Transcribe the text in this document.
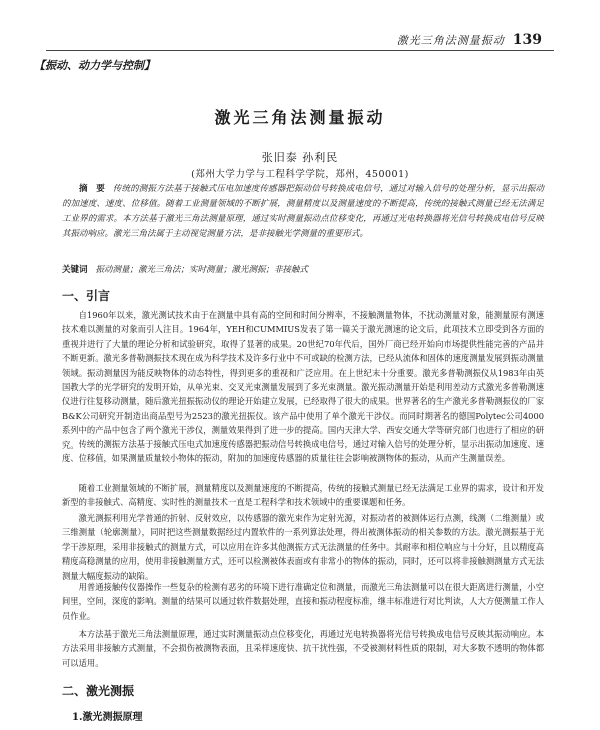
激光三角法测量振动 139
【振动、动力学与控制】
激光三角法测量振动
张旧泰 孙利民
(郑州大学力学与工程科学学院，郑州，450001)

摘　要 传统的测振方法基于接触式压电加速度传感器把振动信号转换成电信号，通过对输入信号的处理分析，显示出振动的加速度、速度、位移值。随着工业测量领域的不断扩展，测量精度以及测量速度的不断提高，传统的接触式测量已经无法满足工业界的需求。本方法基于激光三角法测量原理，通过实时测量振动点位移变化，再通过光电转换器将光信号转换成电信号反映其振动响应。激光三角法属于主动视觉测量方法，是非接触光学测量的重要形式。

关键词 振动测量；激光三角法；实时测量；激光测振；非接触式

一、引言

自1960年以来，激光测试技术由于在测量中具有高的空间和时间分辨率，不接触测量物体，不扰动测量对象，能测量原有测速技术难以测量的对象而引人注目。1964年，YEH和CUMMIUS发表了第一篇关于激光测速的论文后，此项技术立即受到各方面的重视并进行了大量的理论分析和试验研究，取得了显著的成果。20世纪70年代后，国外厂商已经开始向市场提供性能完善的产品并不断更新。激光多普勒测振技术现在成为科学技术及许多行业中不可或缺的检测方法，已经从流体和固体的速度测量发展到振动测量领域。振动测量因为能反映物体的动态特性，得到更多的重视和广泛应用。在上世纪末十分重要。激光多普勒测振仪从1983年由英国教大学的光学研究的发明开始，从单光束、交叉光束测量发展到了多光束测量。激光振动测量开始是利用差动方式激光多普勒测速仪进行往复移动测量，随后激光扭振振动仪的理论开始建立发展，已经取得了很大的成果。世界著名的生产激光多普勒测振仪的厂家B&K公司研究开制造出商品型号为2523的激光扭振仪。该产品中使用了单个激光干涉仪。而同时期著名的德国Polytec公司4000系列中的产品中包含了两个激光干涉仪，测量效果得到了进一步的提高。国内天津大学、西安交通大学等研究部门也进行了相应的研究。 传统的测振方法基于接触式压电式加速度传感器把振动信号转换成电信号，通过对输入信号的处理分析，显示出振动加速度、速度、位移值，如果测量质量较小物体的振动，附加的加速度传感器的质量往往会影响被测物体的振动，从而产生测量误差。

随着工业测量领域的不断扩展，测量精度以及测量速度的不断提高，传统的接触式测量已经无法满足工业界的需求，设计和开发新型的非接触式、高精度、实时性的测量技术一直是工程科学和技术领域中的重要课题和任务。

激光测振利用光学普通的折射、反射效应，以传感器的激光束作为定射光源，对振动者的被测体运行点测，线测（二维测量）或三维测量（轮廓测量），同时把这些测量数据经过内置软件的一系列算法处理，得出被测体振动的相关参数的方法。激光测振基于光学干涉原理，采用非接触式的测量方式，可以应用在许多其他测振方式无法测量的任务中。其耐率和相位响应与十分好，且以精度高精度高稳测量的应用，使用非接触测量方式，还可以检测被体表面或有非常小的物体的振动，同时，还可以将非接触测测量方式无法测量大幅度振动的缺陷。

用普通接触传仪器操作一些复杂的检测有恶劣的环境下进行准确定位和测量，而激光三角法测量可以在很大距离进行测量，小空间里，空间，深度的影响。测量的结果可以通过软件数据处理，直接和振动程度标准，继丰标准进行对比判读，人大方便测量工作人员作业。

本方法基于激光三角法测量原理，通过实时测量振动点位移变化，再通过光电转换器将光信号转换成电信号反映其振动响应。本方法采用非接触方式测量，不会损伤被测物表面，且采样速度快、抗干扰性强，不受被测材料性质的限制，对大多数不透明的物体都可以适用。

二、激光测振
1.激光测振原理
